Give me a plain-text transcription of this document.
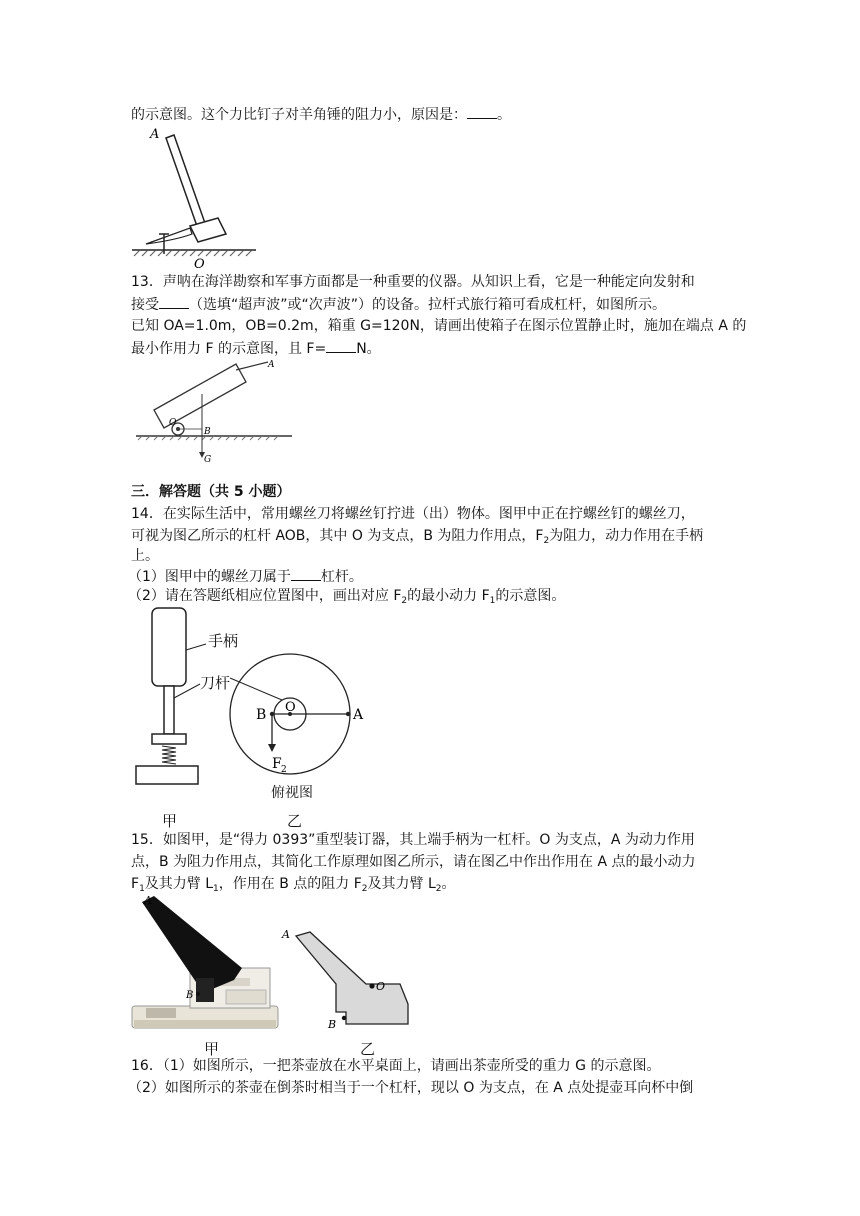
的示意图。这个力比钉子对羊角锤的阻力小，原因是： 。
A
O
13．声呐在海洋勘察和军事方面都是一种重要的仪器。从知识上看，它是一种能定向发射和
接受 （选填“超声波”或“次声波”）的设备。拉杆式旅行箱可看成杠杆，如图所示。
已知 OA=1.0m，OB=0.2m，箱重 G=120N，请画出使箱子在图示位置静止时，施加在端点 A 的
最小作用力 F 的示意图，且 F= N。
A
O
B
G
三．解答题（共 5 小题）
14．在实际生活中，常用螺丝刀将螺丝钉拧进（出）物体。图甲中正在拧螺丝钉的螺丝刀，
可视为图乙所示的杠杆 AOB，其中 O 为支点，B 为阻力作用点，$F_2$为阻力，动力作用在手柄
上。
（1）图甲中的螺丝刀属于 杠杆。
（2）请在答题纸相应位置图中，画出对应 $F_2$的最小动力 $F_1$的示意图。
手柄
刀杆
B O	A
F 2
俯视图
甲	乙
15．如图甲，是“得力 0393”重型装订器，其上端手柄为一杠杆。O 为支点，A 为动力作用
点，B 为阻力作用点，其简化工作原理如图乙所示，请在图乙中作出作用在 A 点的最小动力
$F_1$及其力臂 $L_1$，作用在 B 点的阻力 $F_2$及其力臂 $L_2$。
A
O
B
A
O
B
甲	乙
16．（1）如图所示，一把茶壶放在水平桌面上，请画出茶壶所受的重力 G 的示意图。
（2）如图所示的茶壶在倒茶时相当于一个杠杆，现以 O 为支点，在 A 点处提壶耳向杯中倒
